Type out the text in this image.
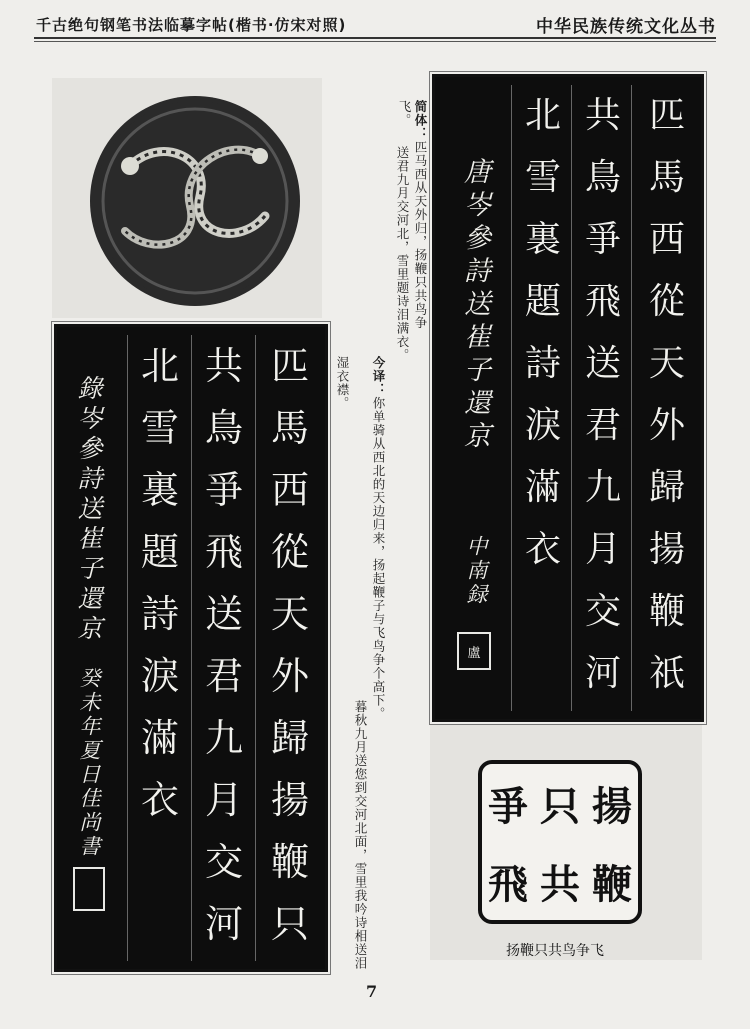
千古绝句钢笔书法临摹字帖(楷书·仿宋对照)	中华民族传统文化丛书
匹
馬
西
從
天
外
歸
揚
鞭
祇
共
鳥
爭
飛
送
君
九
月
交
河
北
雪
裏
題
詩
淚
滿
衣
唐岑參詩送崔子還京
中南録
盧
匹
馬
西
從
天
外
歸
揚
鞭
只
共
鳥
爭
飛
送
君
九
月
交
河
北
雪
裏
題
詩
淚
滿
衣
錄岑參詩送崔子還京
癸未年夏日佳尚書
简体：匹马西从天外归，扬鞭只共鸟争飞。
送君九月交河北，雪里题诗泪满衣。
今译：你单骑从西北的天边归来，扬起鞭子与飞鸟争个高下。
暮秋九月送您到交河北面，雪里我吟诗相送泪
湿衣襟。
揚
只
爭
鞭
共
飛
扬鞭只共鸟争飞
7
